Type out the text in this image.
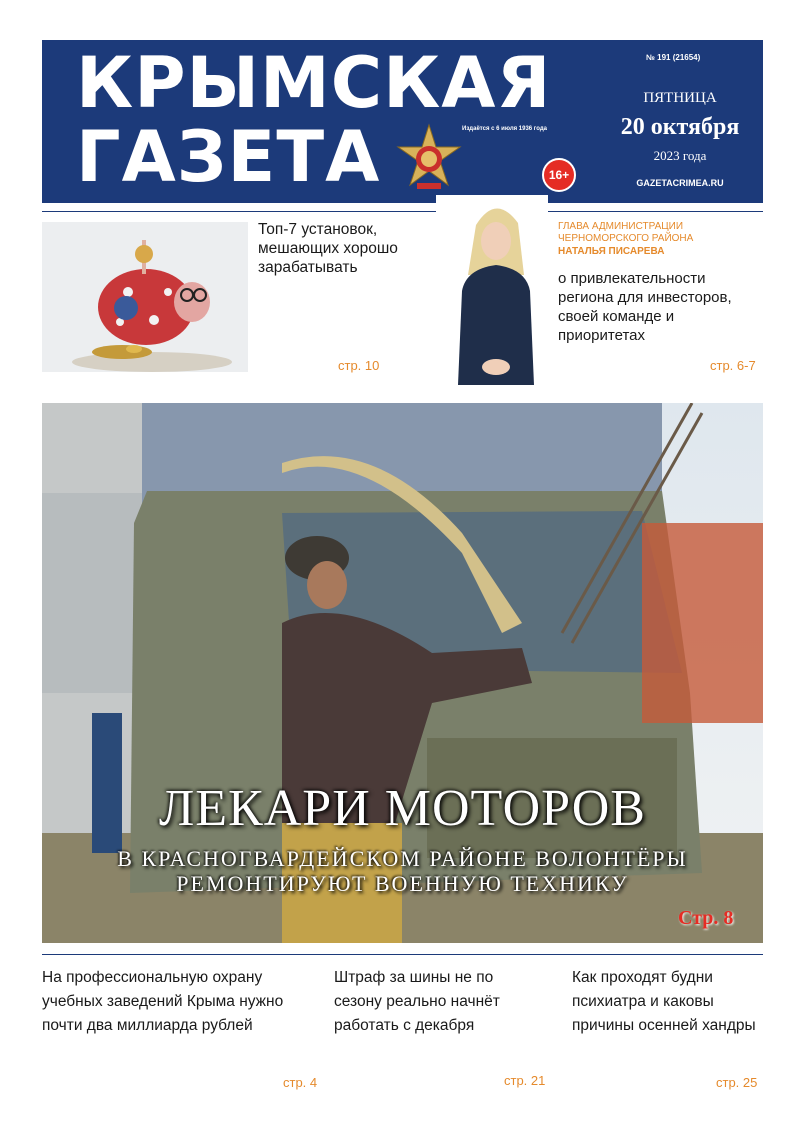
КРЫМСКАЯ
ГАЗЕТА	Издаётся с 6 июля 1936 года
16+
№ 191 (21654)
ПЯТНИЦА
20 октября
2023 года
GAZETACRIMEA.RU
Топ-7 установок, мешающих хорошо зарабатывать
стр. 10
ГЛАВА АДМИНИСТРАЦИИ ЧЕРНОМОРСКОГО РАЙОНА
НАТАЛЬЯ ПИСАРЕВА
о привлекательности региона для инвесторов, своей команде и приоритетах
стр. 6-7
ЛЕКАРИ МОТОРОВ
В КРАСНОГВАРДЕЙСКОМ РАЙОНЕ ВОЛОНТЁРЫ
РЕМОНТИРУЮТ ВОЕННУЮ ТЕХНИКУ
Стр. 8
На профессиональную охрану учебных заведений Крыма нужно почти два миллиарда рублей
стр. 4
Штраф за шины не по сезону реально начнёт работать с декабря
стр. 21
Как проходят будни психиатра и каковы причины осенней хандры
стр. 25
